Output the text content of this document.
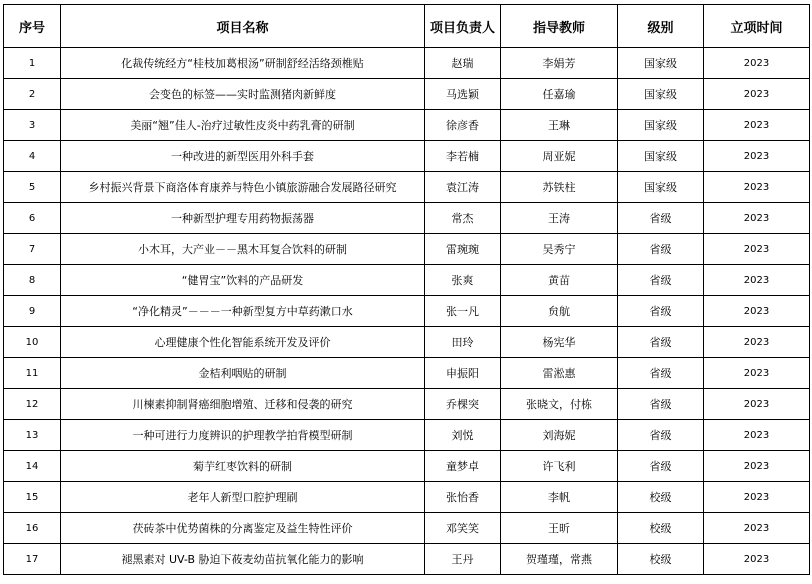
序号	项目名称	项目负责人	指导教师	级别	立项时间
1	化裁传统经方“桂枝加葛根汤”研制舒经活络颈椎贴	赵瑞	李娟芳	国家级	2023
2	会变色的标签——实时监测猪肉新鲜度	马选颖	任嘉瑜	国家级	2023
3	美丽“翘”佳人-治疗过敏性皮炎中药乳膏的研制	徐彦香	王琳	国家级	2023
4	一种改进的新型医用外科手套	李若楠	周亚妮	国家级	2023
5	乡村振兴背景下商洛体育康养与特色小镇旅游融合发展路径研究	袁江涛	苏铁柱	国家级	2023
6	一种新型护理专用药物振荡器	常杰	王涛	省级	2023
7	小木耳，大产业－－黑木耳复合饮料的研制	雷琬琬	吴秀宁	省级	2023
8	“健胃宝”饮料的产品研发	张爽	黄苗	省级	2023
9	“净化精灵”－－－一种新型复方中草药漱口水	张一凡	贠航	省级	2023
10	心理健康个性化智能系统开发及评价	田玲	杨宪华	省级	2023
11	金桔利咽贴的研制	申振阳	雷淞惠	省级	2023
12	川楝素抑制肾癌细胞增殖、迁移和侵袭的研究	乔棵突	张晓文，付栋	省级	2023
13	一种可进行力度辨识的护理教学拍背模型研制	刘悦	刘海妮	省级	2023
14	菊芋红枣饮料的研制	童梦卓	许飞利	省级	2023
15	老年人新型口腔护理刷	张怡香	李帆	校级	2023
16	茯砖茶中优势菌株的分离鉴定及益生特性评价	邓笑笑	王昕	校级	2023
17	褪黑素对 UV-B 胁迫下莜麦幼苗抗氧化能力的影响	王丹	贺瑾瑾，常燕	校级	2023
